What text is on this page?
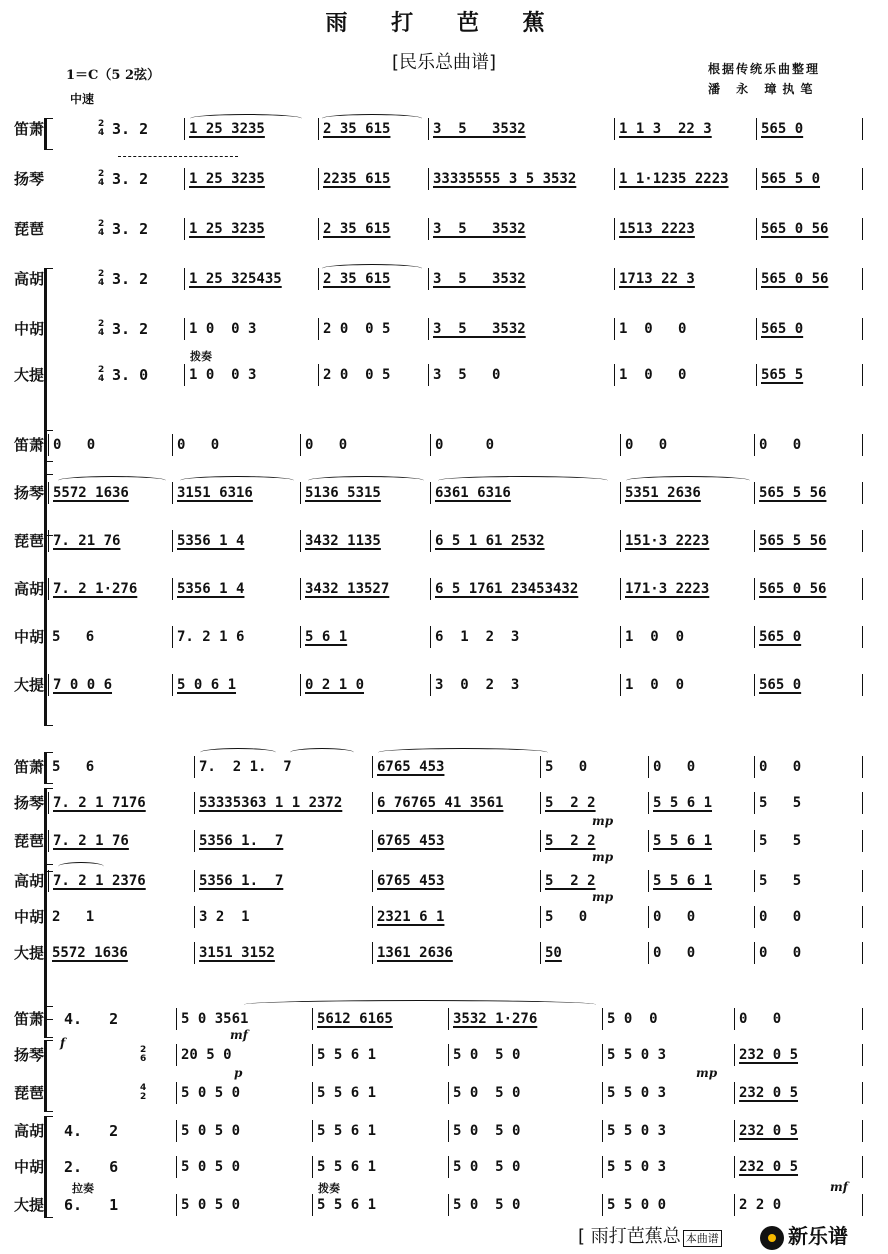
雨 打 芭 蕉
[民乐总曲谱]
1＝C（5 2弦）
中速
根据传统乐曲整理
潘 永 璋执笔
笛萧	2 4 3. 2	1 25 3235	2 35 615	3  5   3532	1 1 3  22 3	565 0
扬琴	2 4 3. 2	1 25 3235	2235 615	33335555 3 5 3532	1 1·1235 2223	565 5 0
琵琶	2 4 3. 2	1 25 3235	2 35 615	3  5   3532	1513 2223	565 0 56
高胡	2 4 3. 2	1 25 325435	2 35 615	3  5   3532	1713 22 3	565 0 56
中胡	2 4 3. 2	1 0  0 3	2 0  0 5	3  5   3532	1  0   0	565 0
拨奏
大提	2 4 3. 0	1 0  0 3	2 0  0 5	3  5   0	1  0   0	565 5
笛萧 0   0	0   0	0   0	0     0	0   0	0   0
扬琴 5572 1636	3151 6316	5136 5315	6361 6316	5351 2636	565 5 56
琵琶 7. 21 76	5356 1 4	3432 1135	6 5 1 61 2532	151·3 2223	565 5 56
高胡 7. 2 1·276	5356 1 4	3432 13527	6 5 1761 23453432	171·3 2223	565 0 56
中胡 5   6	7. 2 1 6	5 6 1	6  1  2  3	1  0  0	565 0
大提 7 0 0 6	5 0 6 1	0 2 1 0	3  0  2  3	1  0  0	565 0
笛萧 5   6	7.  2 1.  7	6765 453	5   0	0   0	0   0
扬琴 7. 2 1 7176	53335363 1 1 2372	6 76765 41 3561	5  2 2	5 5 6 1	5   5
mp
琵琶 7. 2 1 76	5356 1.  7	6765 453	5  2 2	5 5 6 1	5   5
mp
高胡 7. 2 1 2376	5356 1.  7	6765 453	5  2 2	5 5 6 1	5   5
mp
中胡 2   1	3 2  1	2321 6 1	5   0	0   0	0   0
大提 5572 1636	3151 3152	1361 2636	50	0   0	0   0
笛萧 4.   2	5 0 3561	5612 6165	3532 1·276	5 0  0	0   0
f
mf
扬琴	2 6	20 5 0	5 5 6 1	5 0  5 0	5 5 0 3	232 0 5
p	mp
琵琶	4 2	5 0 5 0	5 5 6 1	5 0  5 0	5 5 0 3	232 0 5
高胡 4.   2	5 0 5 0	5 5 6 1	5 0  5 0	5 5 0 3	232 0 5
中胡 2.   6	5 0 5 0	5 5 6 1	5 0  5 0	5 5 0 3	232 0 5
拉奏	拨奏	mf
大提 6.   1	5 0 5 0	5 5 6 1	5 0  5 0	5 5 0 0	2 2 0
[ 雨打芭蕉总 本曲谱	新乐谱
